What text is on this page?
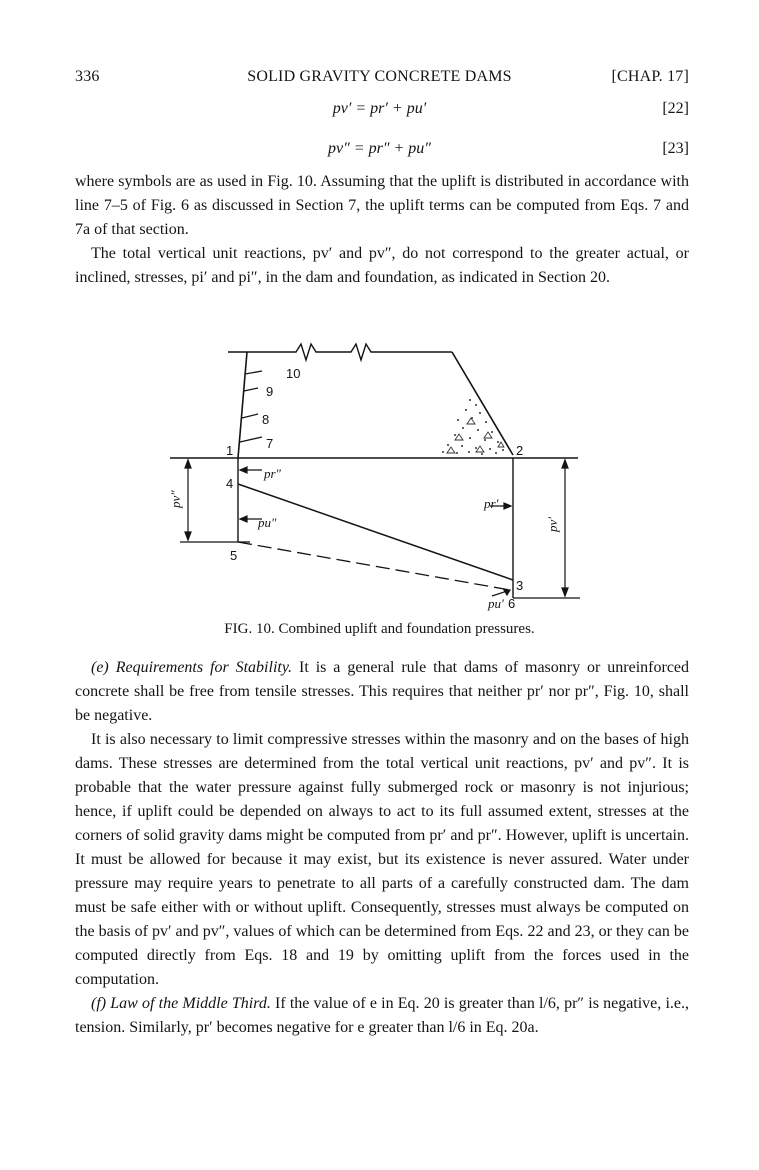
336	SOLID GRAVITY CONCRETE DAMS	[CHAP. 17]
pv′ = pr′ + pu′	[22]
pv″ = pr″ + pu″	[23]

where symbols are as used in Fig. 10. Assuming that the uplift is distributed in accordance with line 7–5 of Fig. 6 as discussed in Section 7, the uplift terms can be computed from Eqs. 7 and 7a of that section.

The total vertical unit reactions, pv′ and pv″, do not correspond to the greater actual, or inclined, stresses, pi′ and pi″, in the dam and foundation, as indicated in Section 20.

10
9
8
7
1	2
4
5
3
6
pr″
pu″
pr′
pu′
pv″
pv′
FIG. 10. Combined uplift and foundation pressures.

(e) Requirements for Stability. It is a general rule that dams of masonry or unreinforced concrete shall be free from tensile stresses. This requires that neither pr′ nor pr″, Fig. 10, shall be negative.

It is also necessary to limit compressive stresses within the masonry and on the bases of high dams. These stresses are determined from the total vertical unit reactions, pv′ and pv″. It is probable that the water pressure against fully submerged rock or masonry is not injurious; hence, if uplift could be depended on always to act to its full assumed extent, stresses at the corners of solid gravity dams might be computed from pr′ and pr″. However, uplift is uncertain. It must be allowed for because it may exist, but its existence is never assured. Water under pressure may require years to penetrate to all parts of a carefully constructed dam. The dam must be safe either with or without uplift. Consequently, stresses must always be computed on the basis of pv′ and pv″, values of which can be determined from Eqs. 22 and 23, or they can be computed directly from Eqs. 18 and 19 by omitting uplift from the forces used in the computation.

(f) Law of the Middle Third. If the value of e in Eq. 20 is greater than l/6, pr″ is negative, i.e., tension. Similarly, pr′ becomes negative for e greater than l/6 in Eq. 20a.
